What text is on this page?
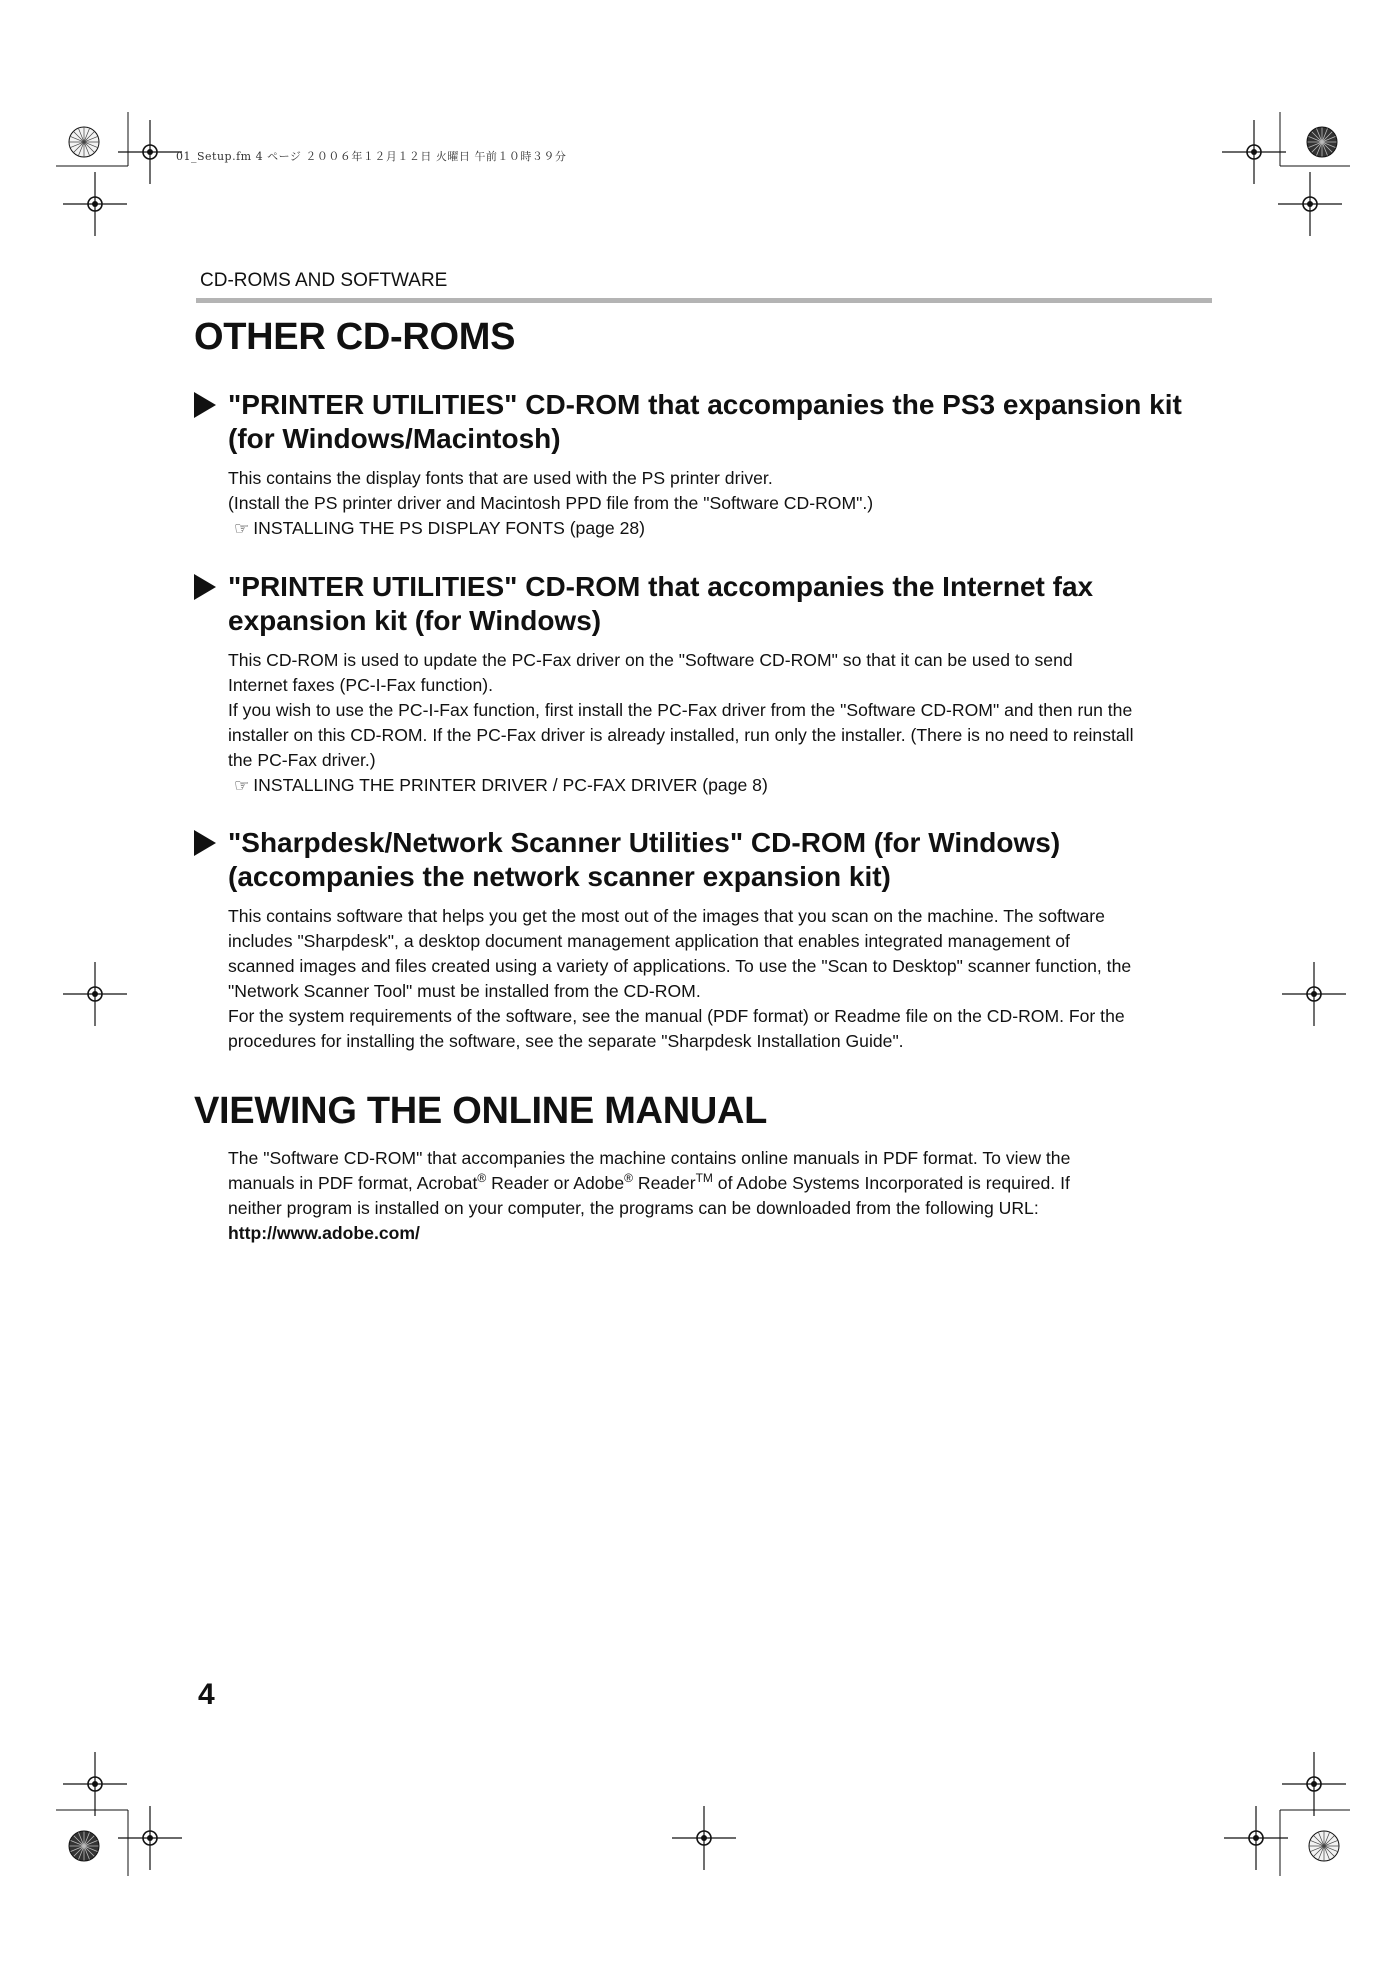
01_Setup.fm 4 ページ ２００６年１２月１２日 火曜日 午前１０時３９分
CD-ROMS AND SOFTWARE
OTHER CD-ROMS
"PRINTER UTILITIES" CD-ROM that accompanies the PS3 expansion kit
(for Windows/Macintosh)

This contains the display fonts that are used with the PS printer driver.

(Install the PS printer driver and Macintosh PPD file from the "Software CD-ROM".)

☞ INSTALLING THE PS DISPLAY FONTS (page 28)
"PRINTER UTILITIES" CD-ROM that accompanies the Internet fax
expansion kit (for Windows)

This CD-ROM is used to update the PC-Fax driver on the "Software CD-ROM" so that it can be used to send

Internet faxes (PC-I-Fax function).

If you wish to use the PC-I-Fax function, first install the PC-Fax driver from the "Software CD-ROM" and then run the

installer on this CD-ROM. If the PC-Fax driver is already installed, run only the installer. (There is no need to reinstall

the PC-Fax driver.)

☞ INSTALLING THE PRINTER DRIVER / PC-FAX DRIVER (page 8)
"Sharpdesk/Network Scanner Utilities" CD-ROM (for Windows)
(accompanies the network scanner expansion kit)

This contains software that helps you get the most out of the images that you scan on the machine. The software

includes "Sharpdesk", a desktop document management application that enables integrated management of

scanned images and files created using a variety of applications. To use the "Scan to Desktop" scanner function, the

"Network Scanner Tool" must be installed from the CD-ROM.

For the system requirements of the software, see the manual (PDF format) or Readme file on the CD-ROM. For the

procedures for installing the software, see the separate "Sharpdesk Installation Guide".

VIEWING THE ONLINE MANUAL

The "Software CD-ROM" that accompanies the machine contains online manuals in PDF format. To view the

manuals in PDF format, Acrobat® Reader or Adobe® Reader™ of Adobe Systems Incorporated is required. If

neither program is installed on your computer, the programs can be downloaded from the following URL:

http://www.adobe.com/

4
